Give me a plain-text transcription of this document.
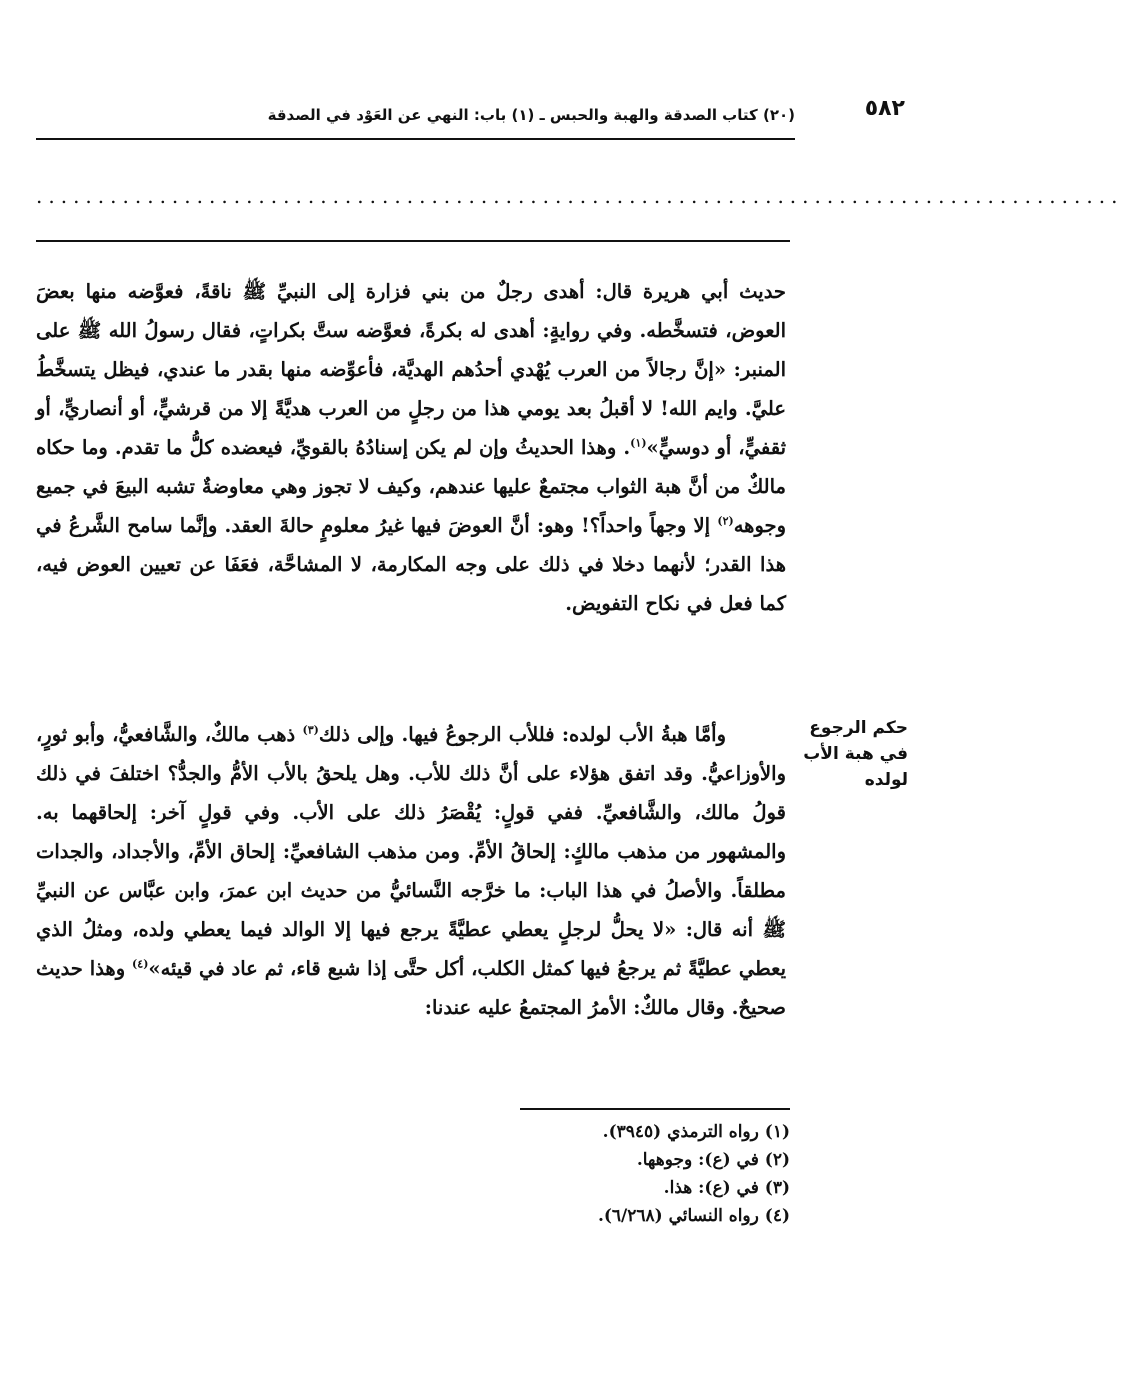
٥٨٢
(٢٠) كتاب الصدقة والهبة والحبس ـ (١) باب: النهي عن العَوْد في الصدقة
........................................................................................
حديث أبي هريرة قال: أهدى رجلٌ من بني فزارة إلى النبيِّ ﷺ ناقةً، فعوَّضه منها بعضَ العوض، فتسخَّطه. وفي روايةٍ: أهدى له بكرةً، فعوَّضه ستَّ بكراتٍ، فقال رسولُ الله ﷺ على المنبر: «إنَّ رجالاً من العرب يُهْدي أحدُهم الهديَّة، فأعوِّضه منها بقدر ما عندي، فيظل يتسخَّطُ عليَّ. وايم الله! لا أقبلُ بعد يومي هذا من رجلٍ من العرب هديَّةً إلا من قرشيٍّ، أو أنصاريٍّ، أو ثقفيٍّ، أو دوسيٍّ»$^{(١)}$. وهذا الحديثُ وإن لم يكن إسنادُهُ بالقويِّ، فيعضده كلُّ ما تقدم. وما حكاه مالكٌ من أنَّ هبة الثواب مجتمعٌ عليها عندهم، وكيف لا تجوز وهي معاوضةٌ تشبه البيعَ في جميع وجوهه$^{(٢)}$ إلا وجهاً واحداً؟! وهو: أنَّ العوضَ فيها غيرُ معلومٍ حالةَ العقد. وإنَّما سامح الشَّرعُ في هذا القدر؛ لأنهما دخلا في ذلك على وجه المكارمة، لا المشاحَّة، فعَفَا عن تعيين العوض فيه، كما فعل في نكاح التفويض.
حكم الرجوع في هبة الأب لولده
وأمَّا هبةُ الأب لولده: فللأب الرجوعُ فيها. وإلى ذلك$^{(٣)}$ ذهب مالكٌ، والشَّافعيُّ، وأبو ثورٍ، والأوزاعيُّ. وقد اتفق هؤلاء على أنَّ ذلك للأب. وهل يلحقُ بالأب الأمُّ والجدُّ؟ اختلفَ في ذلك قولُ مالك، والشَّافعيِّ. ففي قولٍ: يُقْصَرُ ذلك على الأب. وفي قولٍ آخر: إلحاقهما به. والمشهور من مذهب مالكٍ: إلحاقُ الأمِّ. ومن مذهب الشافعيِّ: إلحاق الأمِّ، والأجداد، والجدات مطلقاً. والأصلُ في هذا الباب: ما خرَّجه النَّسائيُّ من حديث ابن عمرَ، وابن عبَّاس عن النبيِّ ﷺ أنه قال: «لا يحلُّ لرجلٍ يعطي عطيَّةً يرجع فيها إلا الوالد فيما يعطي ولده، ومثلُ الذي يعطي عطيَّةً ثم يرجعُ فيها كمثل الكلب، أكل حتَّى إذا شبع قاء، ثم عاد في قيئه»$^{(٤)}$ وهذا حديث صحيحٌ. وقال مالكٌ: الأمرُ المجتمعُ عليه عندنا:

(١) رواه الترمذي (٣٩٤٥).

(٢) في (ع): وجوهها.

(٣) في (ع): هذا.

(٤) رواه النسائي (٦/٢٦٨).
